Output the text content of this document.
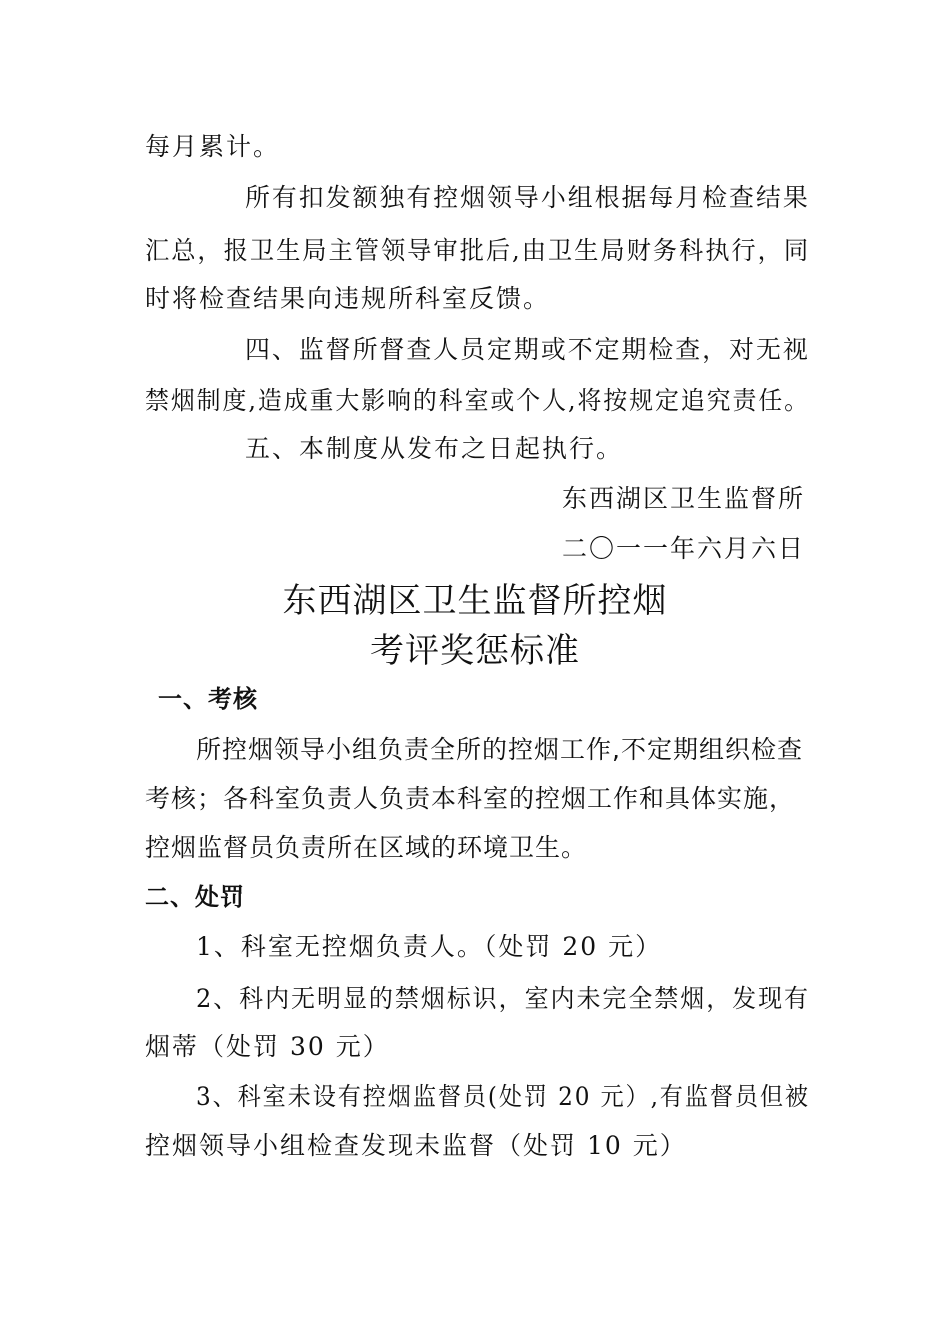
每月累计。
所有扣发额独有控烟领导小组根据每月检查结果
汇总，报卫生局主管领导审批后,由卫生局财务科执行，同
时将检查结果向违规所科室反馈。
四、监督所督查人员定期或不定期检查，对无视
禁烟制度,造成重大影响的科室或个人,将按规定追究责任。
五、本制度从发布之日起执行。
东西湖区卫生监督所
二〇一一年六月六日
东西湖区卫生监督所控烟
考评奖惩标准
一、考核
所控烟领导小组负责全所的控烟工作,不定期组织检查
考核；各科室负责人负责本科室的控烟工作和具体实施，
控烟监督员负责所在区域的环境卫生。
二、处罚
1、科室无控烟负责人。（处罚 20 元）
2、科内无明显的禁烟标识，室内未完全禁烟，发现有
烟蒂（处罚 30 元）
3、科室未设有控烟监督员(处罚 20 元）,有监督员但被
控烟领导小组检查发现未监督（处罚 10 元）
